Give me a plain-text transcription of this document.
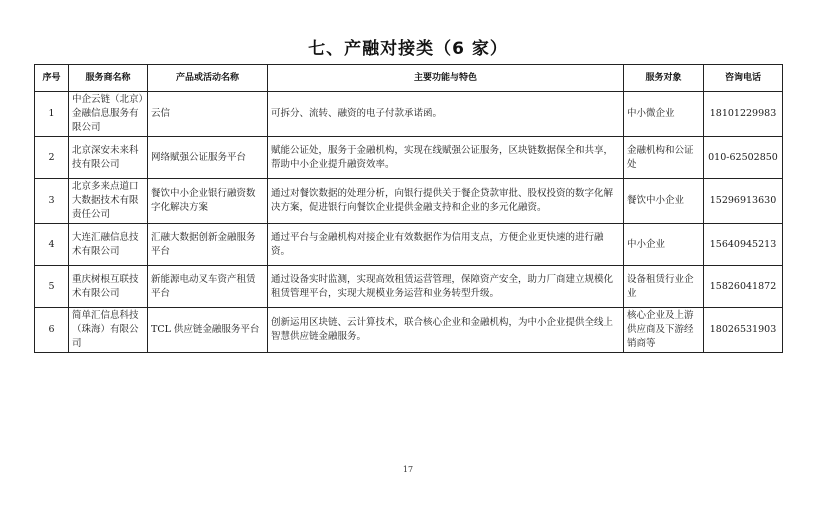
七、产融对接类（6 家）
序号	服务商名称	产品或活动名称	主要功能与特色	服务对象	咨询电话
1	中企云链（北京）金融信息服务有限公司	云信	可拆分、流转、融资的电子付款承诺函。	中小微企业	18101229983
2	北京深安未来科技有限公司	网络赋强公证服务平台	赋能公证处，服务于金融机构，实现在线赋强公证服务，区块链数据保全和共享，帮助中小企业提升融资效率。	金融机构和公证处	010-62502850
3	北京多来点道口大数据技术有限责任公司	餐饮中小企业银行融资数字化解决方案	通过对餐饮数据的处理分析，向银行提供关于餐企贷款审批、股权投资的数字化解决方案，促进银行向餐饮企业提供金融支持和企业的多元化融资。	餐饮中小企业	15296913630
4	大连汇融信息技术有限公司	汇融大数据创新金融服务平台	通过平台与金融机构对接企业有效数据作为信用支点，方便企业更快速的进行融资。	中小企业	15640945213
5	重庆树根互联技术有限公司	新能源电动叉车资产租赁平台	通过设备实时监测，实现高效租赁运营管理，保障资产安全，助力厂商建立规模化租赁管理平台，实现大规模业务运营和业务转型升级。	设备租赁行业企业	15826041872
6	简单汇信息科技（珠海）有限公司	TCL 供应链金融服务平台	创新运用区块链、云计算技术，联合核心企业和金融机构，为中小企业提供全线上智慧供应链金融服务。	核心企业及上游供应商及下游经销商等	18026531903
17
